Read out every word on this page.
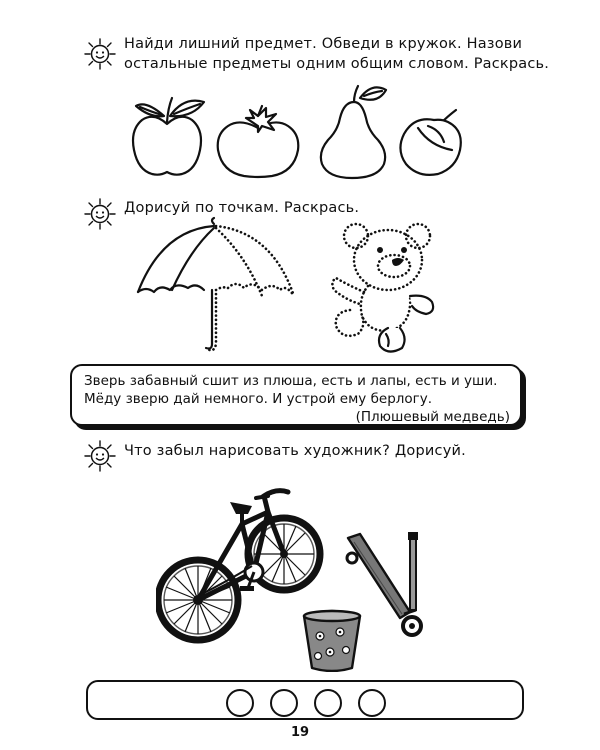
Найди лишний предмет. Обведи в кружок. Назови
остальные предметы одним общим словом. Раскрась.
Дорисуй по точкам. Раскрась.
Зверь забавный сшит из плюша, есть и лапы, есть и уши.
Мёду зверю дай немного. И устрой ему берлогу.
(Плюшевый медведь)
Что забыл нарисовать художник? Дорисуй.
19
